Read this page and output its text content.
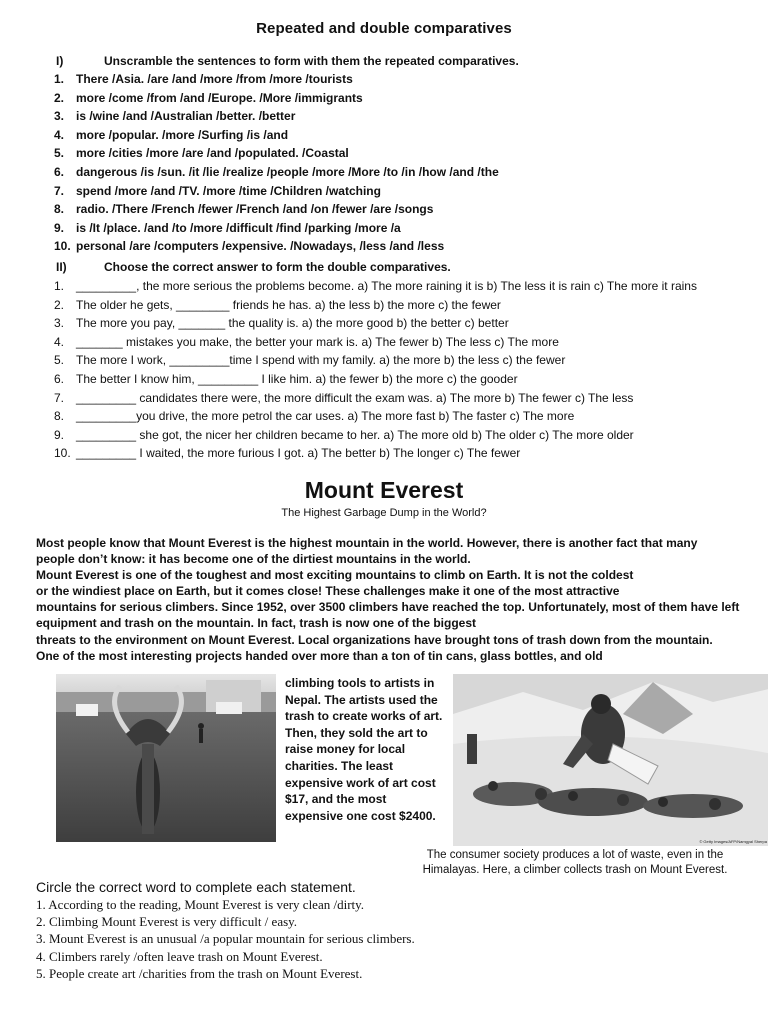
Repeated and double comparatives
I)	Unscramble the sentences to form with them the repeated comparatives.
1. There /Asia. /are /and /more /from /more /tourists
2. more /come /from /and /Europe. /More /immigrants
3. is /wine /and /Australian /better. /better
4. more /popular. /more /Surfing /is /and
5. more /cities /more /are /and /populated. /Coastal
6. dangerous /is /sun. /it /lie /realize /people /more /More /to /in /how /and /the
7. spend /more /and /TV. /more /time /Children /watching
8. radio. /There /French /fewer /French /and /on /fewer /are /songs
9. is /It /place. /and /to /more /difficult /find /parking /more /a
10. personal /are /computers /expensive. /Nowadays, /less /and /less
II)	Choose the correct answer to form the double comparatives.
1. _________, the more serious the problems become. a) The more raining it is b) The less it is rain c) The more it rains
2. The older he gets, ________ friends he has. a) the less b) the more c) the fewer
3. The more you pay, _______ the quality is. a) the more good b) the better c) better
4. _______ mistakes you make, the better your mark is. a) The fewer b) The less c) The more
5. The more I work, _________time I spend with my family. a) the more b) the less c) the fewer
6. The better I know him, _________ I like him. a) the fewer b) the more c) the gooder
7. _________ candidates there were, the more difficult the exam was. a) The more b) The fewer c) The less
8. _________you drive, the more petrol the car uses. a) The more fast b) The faster c) The more
9. _________ she got, the nicer her children became to her. a) The more old b) The older c) The more older
10. _________ I waited, the more furious I got. a) The better b) The longer c) The fewer
Mount Everest
The Highest Garbage Dump in the World?
Most people know that Mount Everest is the highest mountain in the world. However, there is another fact that many
people don’t know: it has become one of the dirtiest mountains in the world.
Mount Everest is one of the toughest and most exciting mountains to climb on Earth. It is not the coldest
or the windiest place on Earth, but it comes close! These challenges make it one of the most attractive
mountains for serious climbers. Since 1952, over 3500 climbers have reached the top. Unfortunately, most of them have left
equipment and trash on the mountain. In fact, trash is now one of the biggest
threats to the environment on Mount Everest. Local organizations have brought tons of trash down from the mountain.
One of the most interesting projects handed over more than a ton of tin cans, glass bottles, and old
climbing tools to artists in
Nepal. The artists used the
trash to create works of art.
Then, they sold the art to
raise money for local
charities. The least
expensive work of art cost
$17, and the most
expensive one cost $2400.
© Getty Images/AFP/Namgyal Sherpa
The consumer society produces a lot of waste, even in the
Himalayas. Here, a climber collects trash on Mount Everest.
Circle the correct word to complete each statement.
1. According to the reading, Mount Everest is very clean /dirty.
2. Climbing Mount Everest is very difficult / easy.
3. Mount Everest is an unusual /a popular mountain for serious climbers.
4. Climbers rarely /often leave trash on Mount Everest.
5. People create art /charities from the trash on Mount Everest.
